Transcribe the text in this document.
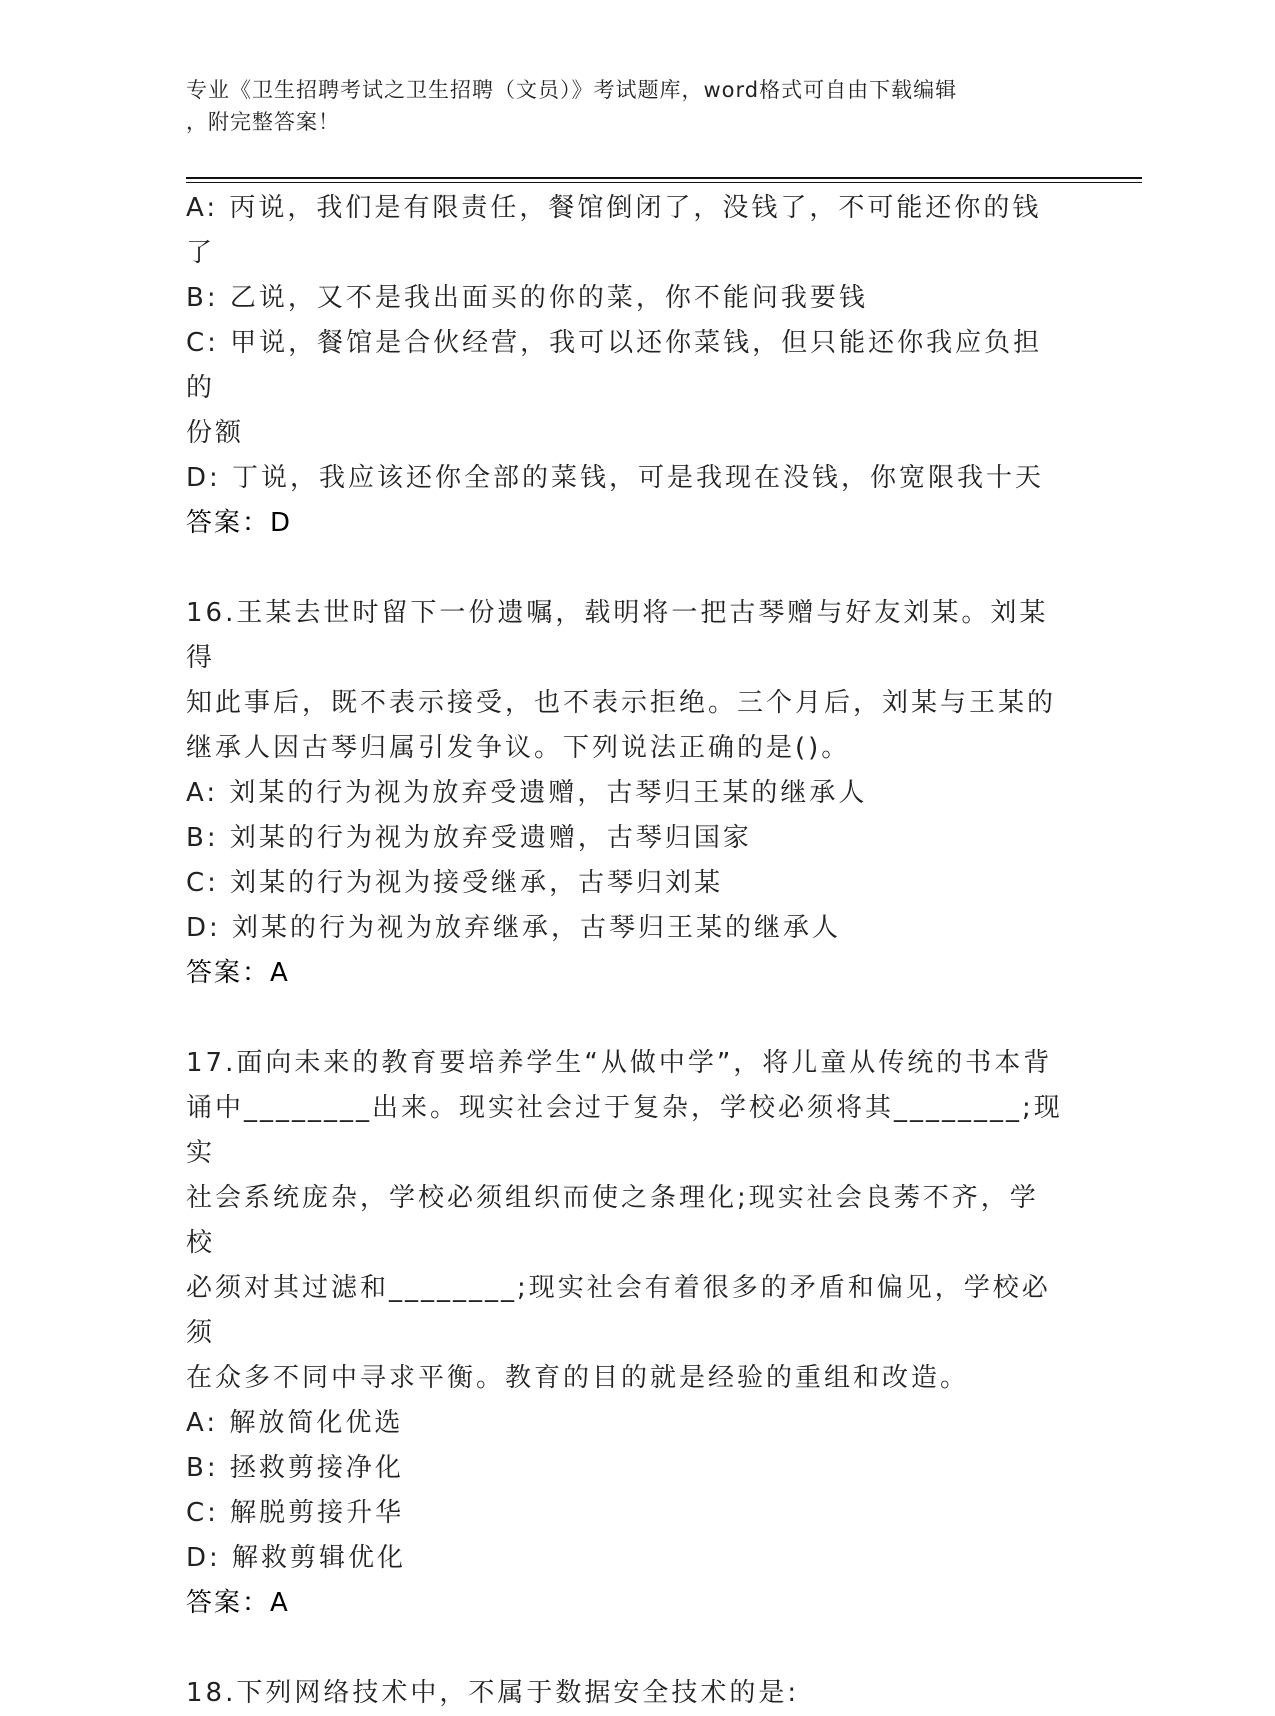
专业《卫生招聘考试之卫生招聘（文员）》考试题库，word格式可自由下载编辑
，附完整答案！
A: 丙说，我们是有限责任，餐馆倒闭了，没钱了，不可能还你的钱了
B: 乙说，又不是我出面买的你的菜，你不能问我要钱
C: 甲说，餐馆是合伙经营，我可以还你菜钱，但只能还你我应负担的
份额
D: 丁说，我应该还你全部的菜钱，可是我现在没钱，你宽限我十天
答案：D
16.王某去世时留下一份遗嘱，载明将一把古琴赠与好友刘某。刘某得
知此事后，既不表示接受，也不表示拒绝。三个月后，刘某与王某的
继承人因古琴归属引发争议。下列说法正确的是()。
A: 刘某的行为视为放弃受遗赠，古琴归王某的继承人
B: 刘某的行为视为放弃受遗赠，古琴归国家
C: 刘某的行为视为接受继承，古琴归刘某
D: 刘某的行为视为放弃继承，古琴归王某的继承人
答案：A
17.面向未来的教育要培养学生“从做中学”，将儿童从传统的书本背
诵中________出来。现实社会过于复杂，学校必须将其________;现实
社会系统庞杂，学校必须组织而使之条理化;现实社会良莠不齐，学校
必须对其过滤和________;现实社会有着很多的矛盾和偏见，学校必须
在众多不同中寻求平衡。教育的目的就是经验的重组和改造。
A: 解放简化优选
B: 拯救剪接净化
C: 解脱剪接升华
D: 解救剪辑优化
答案：A
18.下列网络技术中，不属于数据安全技术的是:
